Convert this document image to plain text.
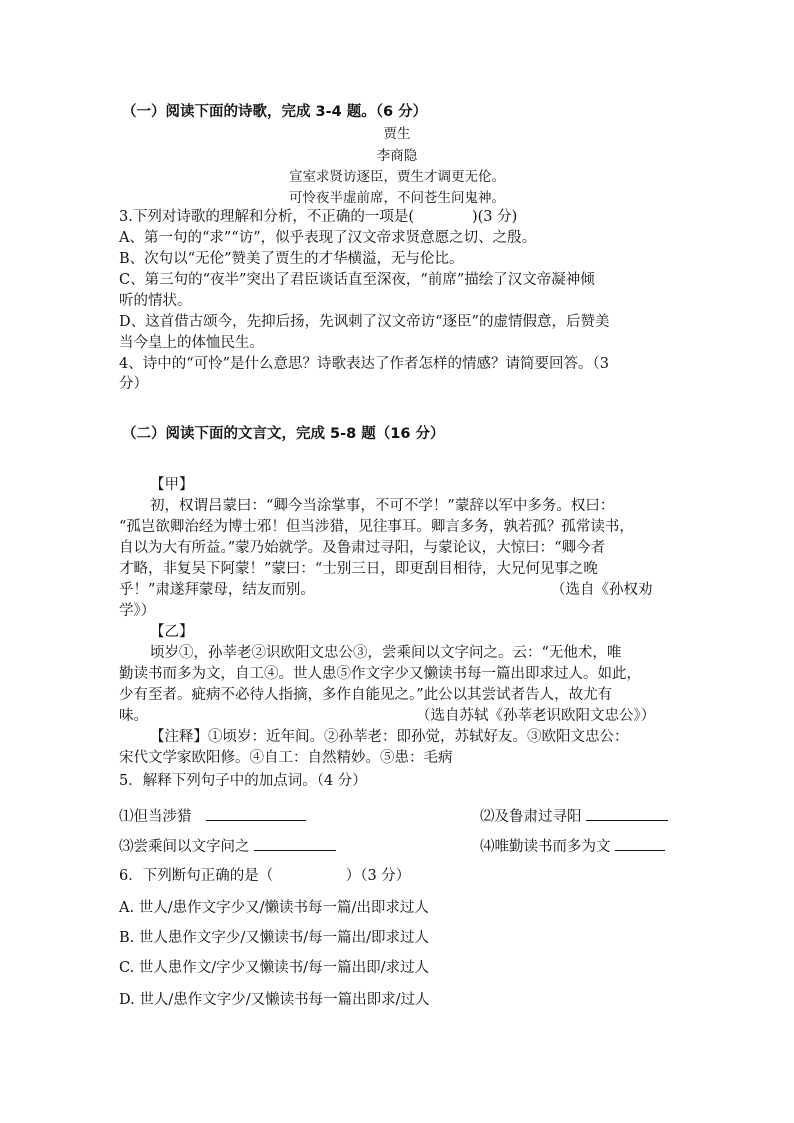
（一）阅读下面的诗歌，完成 3-4 题。（6 分）
贾生
李商隐
宣室求贤访逐臣，贾生才调更无伦。
可怜夜半虚前席，不问苍生问鬼神。
3.下列对诗歌的理解和分析，不正确的一项是(　　　　)(3 分)
A、第一句的“求”“访”，似乎表现了汉文帝求贤意愿之切、之殷。
B、次句以“无伦”赞美了贾生的才华横溢，无与伦比。
C、第三句的“夜半”突出了君臣谈话直至深夜，“前席”描绘了汉文帝凝神倾
听的情状。
D、这首借古颂今，先抑后扬，先讽刺了汉文帝访“逐臣”的虚情假意，后赞美
当今皇上的体恤民生。
4、诗中的“可怜”是什么意思？诗歌表达了作者怎样的情感？请简要回答。（3
分）
（二）阅读下面的文言文，完成 5-8 题（16 分）
【甲】
初，权谓吕蒙曰：“卿今当涂掌事，不可不学！”蒙辞以军中多务。权曰：
“孤岂欲卿治经为博士邪！但当涉猎，见往事耳。卿言多务，孰若孤？孤常读书，
自以为大有所益。”蒙乃始就学。及鲁肃过寻阳，与蒙论议，大惊曰：“卿今者
才略，非复吴下阿蒙！”蒙曰：“士别三日，即更刮目相待，大兄何见事之晚
乎！”肃遂拜蒙母，结友而别。	（选自《孙权劝
学》）
【乙】
顷岁①，孙莘老②识欧阳文忠公③，尝乘间以文字问之。云：“无他术，唯
勤读书而多为文，自工④。世人患⑤作文字少又懒读书每一篇出即求过人。如此，
少有至者。疵病不必待人指摘，多作自能见之。”此公以其尝试者告人，故尤有
味。	（选自苏轼《孙莘老识欧阳文忠公》）
【注释】①顷岁：近年间。②孙莘老：即孙觉，苏轼好友。③欧阳文忠公：
宋代文学家欧阳修。④自工：自然精妙。⑤患：毛病
5．解释下列句子中的加点词。（4 分）
⑴但当涉猎	⑵及鲁肃过寻阳
⑶尝乘间以文字问之	⑷唯勤读书而多为文
6．下列断句正确的是（　　　　　）（3 分）
A. 世人/患作文字少又/懒读书每一篇/出即求过人
B. 世人患作文字少/又懒读书/每一篇出/即求过人
C. 世人患作文/字少又懒读书/每一篇出即/求过人
D. 世人/患作文字少/又懒读书每一篇出即求/过人
